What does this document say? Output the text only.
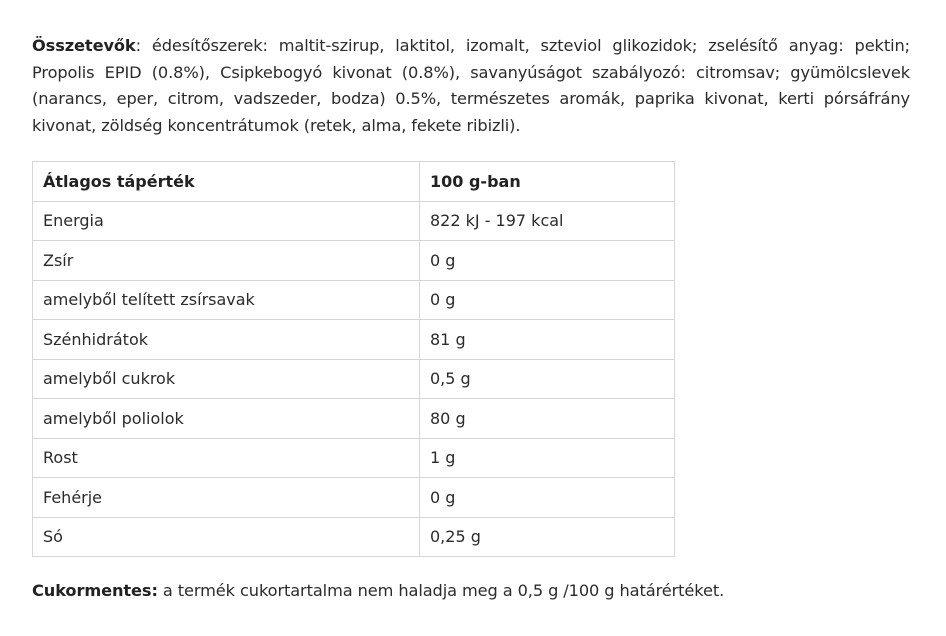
Összetevők: édesítőszerek: maltit-szirup, laktitol, izomalt, szteviol glikozidok; zselésítő anyag: pektin; Propolis EPID (0.8%), Csipkebogyó kivonat (0.8%), savanyúságot szabályozó: citromsav; gyümölcslevek (narancs, eper, citrom, vadszeder, bodza) 0.5%, természetes aromák, paprika kivonat, kerti pórsáfrány kivonat, zöldség koncentrátumok (retek, alma, fekete ribizli).

Átlagos tápérték	100 g-ban
Energia	822 kJ - 197 kcal
Zsír	0 g
amelyből telített zsírsavak	0 g
Szénhidrátok	81 g
amelyből cukrok	0,5 g
amelyből poliolok	80 g
Rost	1 g
Fehérje	0 g
Só	0,25 g

Cukormentes: a termék cukortartalma nem haladja meg a 0,5 g /100 g határértéket.
